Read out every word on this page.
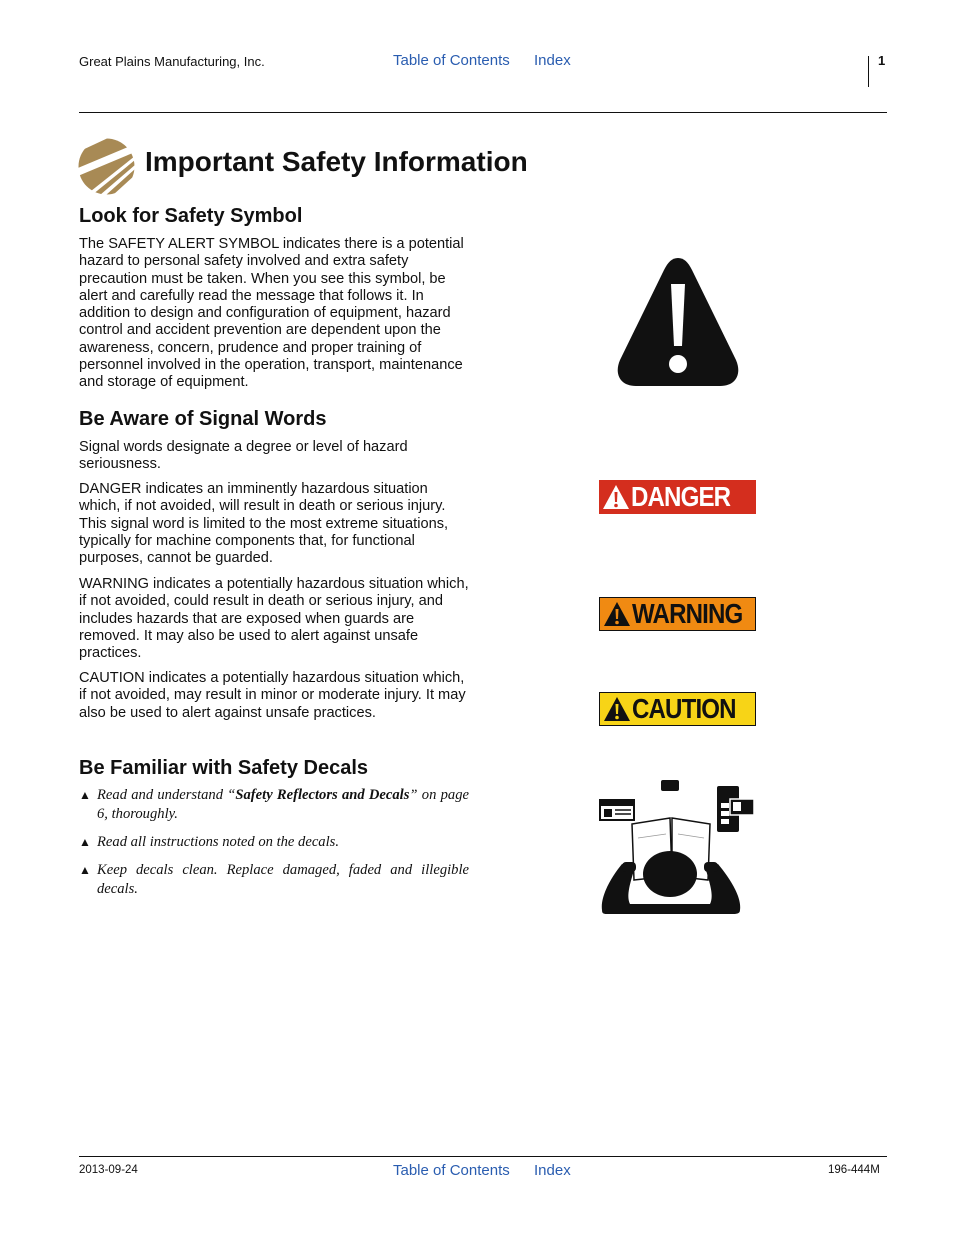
Great Plains Manufacturing, Inc.	Table of Contents Index	1
Important Safety Information
Look for Safety Symbol

The SAFETY ALERT SYMBOL indicates there is a potential hazard to personal safety involved and extra safety precaution must be taken. When you see this symbol, be alert and carefully read the message that follows it. In addition to design and configuration of equipment, hazard control and accident prevention are dependent upon the awareness, concern, prudence and proper training of personnel involved in the operation, transport, maintenance and storage of equipment.

Be Aware of Signal Words

Signal words designate a degree or level of hazard seriousness.

DANGER indicates an imminently hazardous situation which, if not avoided, will result in death or serious injury. This signal word is limited to the most extreme situations, typically for machine components that, for functional purposes, cannot be guarded.

WARNING indicates a potentially hazardous situation which, if not avoided, could result in death or serious injury, and includes hazards that are exposed when guards are removed. It may also be used to alert against unsafe practices.

CAUTION indicates a potentially hazardous situation which, if not avoided, may result in minor or moderate injury. It may also be used to alert against unsafe practices.

Be Familiar with Safety Decals
▲ Read and understand “Safety Reflectors and Decals” on page 6, thoroughly.
▲ Read all instructions noted on the decals.
▲ Keep decals clean. Replace damaged, faded and illegible decals.
DANGER
WARNING
CAUTION
2013-09-24	Table of Contents Index	196-444M
